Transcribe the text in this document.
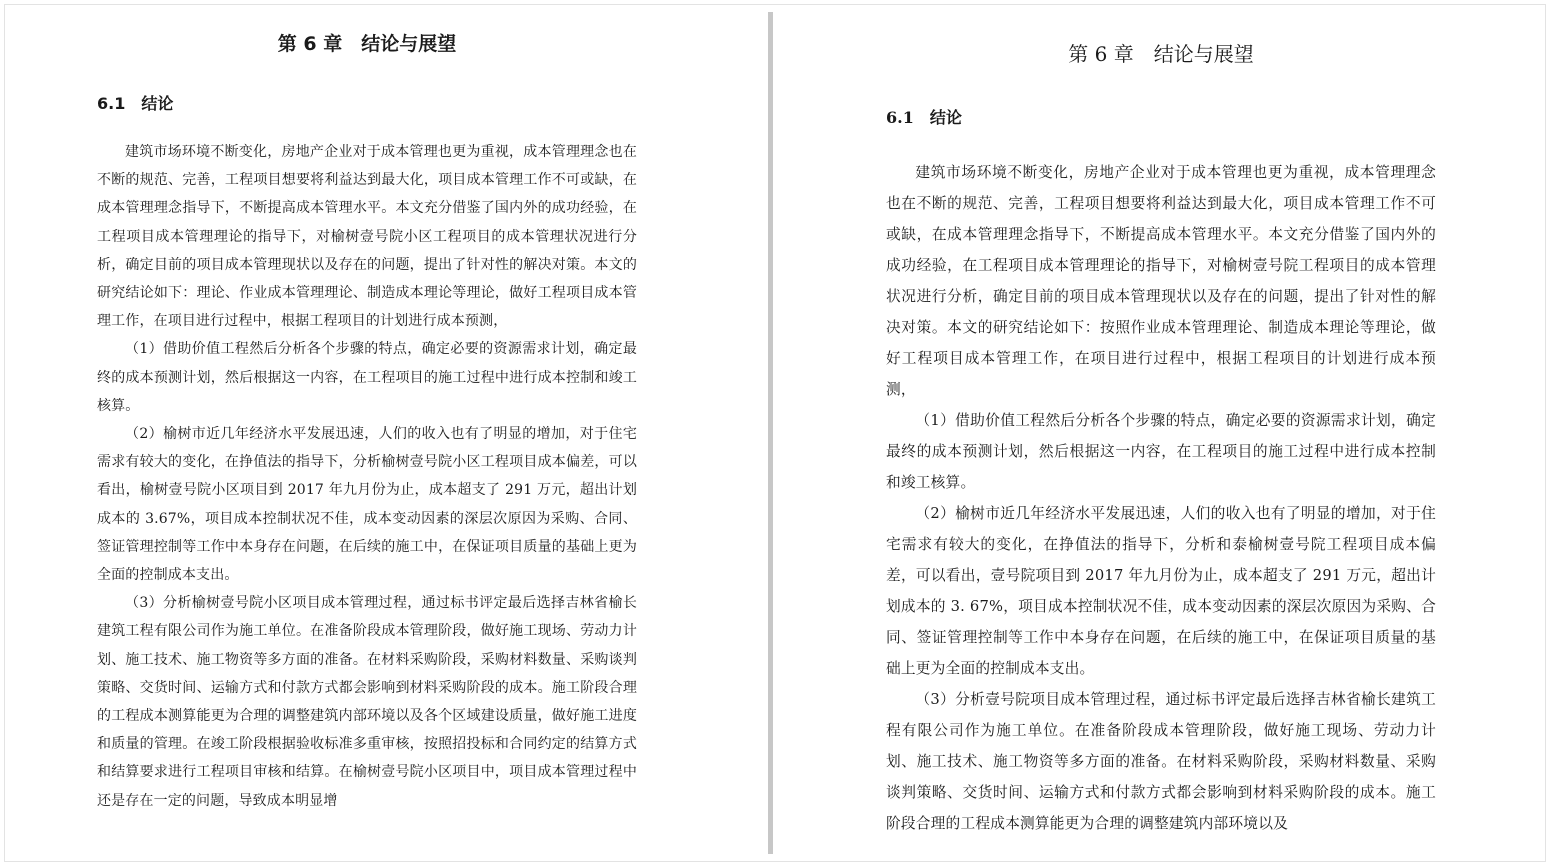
第 6 章　结论与展望
6.1　结论

建筑市场环境不断变化，房地产企业对于成本管理也更为重视，成本管理理念也在不断的规范、完善，工程项目想要将利益达到最大化，项目成本管理工作不可或缺，在成本管理理念指导下，不断提高成本管理水平。本文充分借鉴了国内外的成功经验，在工程项目成本管理理论的指导下，对榆树壹号院小区工程项目的成本管理状况进行分析，确定目前的项目成本管理现状以及存在的问题，提出了针对性的解决对策。本文的研究结论如下：理论、作业成本管理理论、制造成本理论等理论，做好工程项目成本管理工作，在项目进行过程中，根据工程项目的计划进行成本预测，

（1）借助价值工程然后分析各个步骤的特点，确定必要的资源需求计划，确定最终的成本预测计划，然后根据这一内容，在工程项目的施工过程中进行成本控制和竣工核算。

（2）榆树市近几年经济水平发展迅速，人们的收入也有了明显的增加，对于住宅需求有较大的变化，在挣值法的指导下，分析榆树壹号院小区工程项目成本偏差，可以看出，榆树壹号院小区项目到 2017 年九月份为止，成本超支了 291 万元，超出计划成本的 3.67%，项目成本控制状况不佳，成本变动因素的深层次原因为采购、合同、签证管理控制等工作中本身存在问题，在后续的施工中，在保证项目质量的基础上更为全面的控制成本支出。

（3）分析榆树壹号院小区项目成本管理过程，通过标书评定最后选择吉林省榆长建筑工程有限公司作为施工单位。在准备阶段成本管理阶段，做好施工现场、劳动力计划、施工技术、施工物资等多方面的准备。在材料采购阶段，采购材料数量、采购谈判策略、交货时间、运输方式和付款方式都会影响到材料采购阶段的成本。施工阶段合理的工程成本测算能更为合理的调整建筑内部环境以及各个区域建设质量，做好施工进度和质量的管理。在竣工阶段根据验收标准多重审核，按照招投标和合同约定的结算方式和结算要求进行工程项目审核和结算。在榆树壹号院小区项目中，项目成本管理过程中还是存在一定的问题，导致成本明显增

第 6 章　结论与展望
6.1　结论

建筑市场环境不断变化，房地产企业对于成本管理也更为重视，成本管理理念也在不断的规范、完善，工程项目想要将利益达到最大化，项目成本管理工作不可或缺，在成本管理理念指导下，不断提高成本管理水平。本文充分借鉴了国内外的成功经验，在工程项目成本管理理论的指导下，对榆树壹号院工程项目的成本管理状况进行分析，确定目前的项目成本管理现状以及存在的问题，提出了针对性的解决对策。本文的研究结论如下：按照作业成本管理理论、制造成本理论等理论，做好工程项目成本管理工作，在项目进行过程中，根据工程项目的计划进行成本预测，

（1）借助价值工程然后分析各个步骤的特点，确定必要的资源需求计划，确定最终的成本预测计划，然后根据这一内容，在工程项目的施工过程中进行成本控制和竣工核算。

（2）榆树市近几年经济水平发展迅速，人们的收入也有了明显的增加，对于住宅需求有较大的变化，在挣值法的指导下，分析和泰榆树壹号院工程项目成本偏差，可以看出，壹号院项目到 2017 年九月份为止，成本超支了 291 万元，超出计划成本的 3. 67%，项目成本控制状况不佳，成本变动因素的深层次原因为采购、合同、签证管理控制等工作中本身存在问题，在后续的施工中，在保证项目质量的基础上更为全面的控制成本支出。

（3）分析壹号院项目成本管理过程，通过标书评定最后选择吉林省榆长建筑工程有限公司作为施工单位。在准备阶段成本管理阶段，做好施工现场、劳动力计划、施工技术、施工物资等多方面的准备。在材料采购阶段，采购材料数量、采购谈判策略、交货时间、运输方式和付款方式都会影响到材料采购阶段的成本。施工阶段合理的工程成本测算能更为合理的调整建筑内部环境以及
